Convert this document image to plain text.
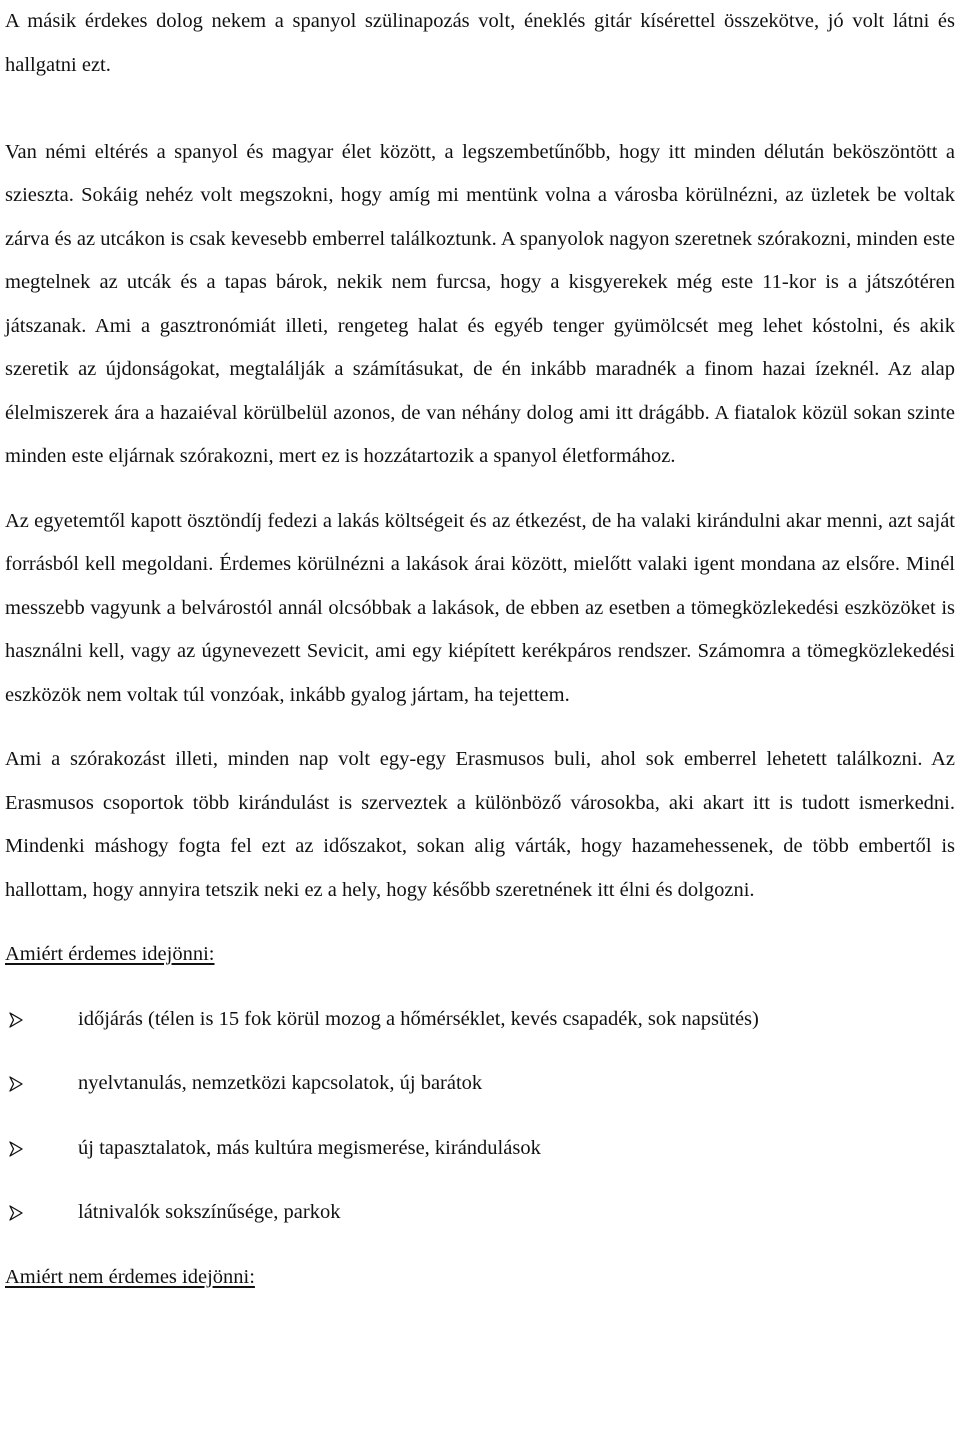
A másik érdekes dolog nekem a spanyol szülinapozás volt, éneklés gitár kísérettel összekötve, jó volt látni és hallgatni ezt.

Van némi eltérés a spanyol és magyar élet között, a legszembetűnőbb, hogy itt minden délután beköszöntött a sziesztа. Sokáig nehéz volt megszokni, hogy amíg mi mentünk volna a városba körülnézni, az üzletek be voltak zárva és az utcákon is csak kevesebb emberrel találkoztunk. A spanyolok nagyon szeretnek szórakozni, minden este megtelnek az utcák és a tapas bárok, nekik nem furcsa, hogy a kisgyerekek még este 11-kor is a játszótéren játszanak. Ami a gasztronómiát illeti, rengeteg halat és egyéb tenger gyümölcsét meg lehet kóstolni, és akik szeretik az újdonságokat, megtalálják a számításukat, de én inkább maradnék a finom hazai ízeknél. Az alap élelmiszerek ára a hazaiéval körülbelül azonos, de van néhány dolog ami itt drágább. A fiatalok közül sokan szinte minden este eljárnak szórakozni, mert ez is hozzátartozik a spanyol életformához.

Az egyetemtől kapott ösztöndíj fedezi a lakás költségeit és az étkezést, de ha valaki kirándulni akar menni, azt saját forrásból kell megoldani. Érdemes körülnézni a lakások árai között, mielőtt valaki igent mondana az elsőre. Minél messzebb vagyunk a belvárostól annál olcsóbbak a lakások, de ebben az esetben a tömegközlekedési eszközöket is használni kell, vagy az úgynevezett Sevicit, ami egy kiépített kerékpáros rendszer. Számomra a tömegközlekedési eszközök nem voltak túl vonzóak, inkább gyalog jártam, ha tejettem.

Ami a szórakozást illeti, minden nap volt egy-egy Erasmusos buli, ahol sok emberrel lehetett találkozni. Az Erasmusos csoportok több kirándulást is szerveztek a különböző városokba, aki akart itt is tudott ismerkedni. Mindenki máshogy fogta fel ezt az időszakot, sokan alig várták, hogy hazamehessenek, de több embertől is hallottam, hogy annyira tetszik neki ez a hely, hogy később szeretnének itt élni és dolgozni.

Amiért érdemes idejönni:

időjárás (télen is 15 fok körül mozog a hőmérséklet, kevés csapadék, sok napsütés)
nyelvtanulás, nemzetközi kapcsolatok, új barátok
új tapasztalatok, más kultúra megismerése, kirándulások
látnivalók sokszínűsége, parkok

Amiért nem érdemes idejönni:
